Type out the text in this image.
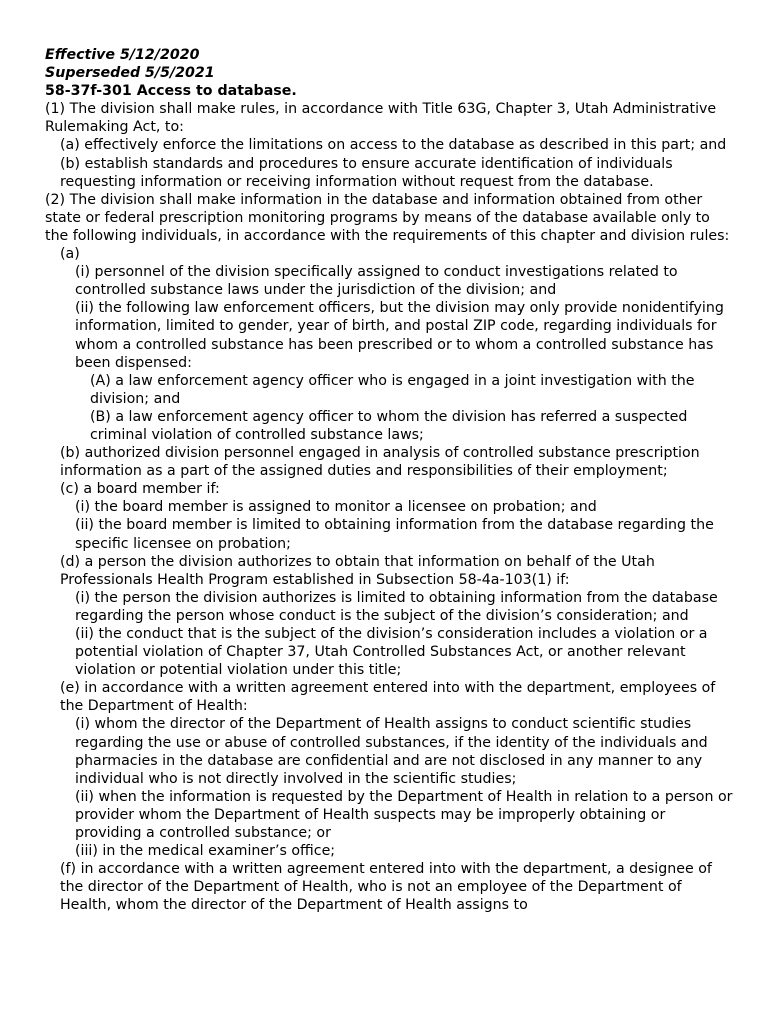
Effective 5/12/2020
Superseded 5/5/2021
58-37f-301 Access to database.
(1) The division shall make rules, in accordance with Title 63G, Chapter 3, Utah Administrative Rulemaking Act, to:
(a) effectively enforce the limitations on access to the database as described in this part; and
(b) establish standards and procedures to ensure accurate identification of individuals requesting information or receiving information without request from the database.
(2) The division shall make information in the database and information obtained from other state or federal prescription monitoring programs by means of the database available only to the following individuals, in accordance with the requirements of this chapter and division rules:
(a)
(i) personnel of the division specifically assigned to conduct investigations related to controlled substance laws under the jurisdiction of the division; and
(ii) the following law enforcement officers, but the division may only provide nonidentifying information, limited to gender, year of birth, and postal ZIP code, regarding individuals for whom a controlled substance has been prescribed or to whom a controlled substance has been dispensed:
(A) a law enforcement agency officer who is engaged in a joint investigation with the division; and
(B) a law enforcement agency officer to whom the division has referred a suspected criminal violation of controlled substance laws;
(b) authorized division personnel engaged in analysis of controlled substance prescription information as a part of the assigned duties and responsibilities of their employment;
(c) a board member if:
(i) the board member is assigned to monitor a licensee on probation; and
(ii) the board member is limited to obtaining information from the database regarding the specific licensee on probation;
(d) a person the division authorizes to obtain that information on behalf of the Utah Professionals Health Program established in Subsection 58-4a-103(1) if:
(i) the person the division authorizes is limited to obtaining information from the database regarding the person whose conduct is the subject of the division’s consideration; and
(ii) the conduct that is the subject of the division’s consideration includes a violation or a potential violation of Chapter 37, Utah Controlled Substances Act, or another relevant violation or potential violation under this title;
(e) in accordance with a written agreement entered into with the department, employees of the Department of Health:
(i) whom the director of the Department of Health assigns to conduct scientific studies regarding the use or abuse of controlled substances, if the identity of the individuals and pharmacies in the database are confidential and are not disclosed in any manner to any individual who is not directly involved in the scientific studies;
(ii) when the information is requested by the Department of Health in relation to a person or provider whom the Department of Health suspects may be improperly obtaining or providing a controlled substance; or
(iii) in the medical examiner’s office;
(f) in accordance with a written agreement entered into with the department, a designee of the director of the Department of Health, who is not an employee of the Department of Health, whom the director of the Department of Health assigns to
